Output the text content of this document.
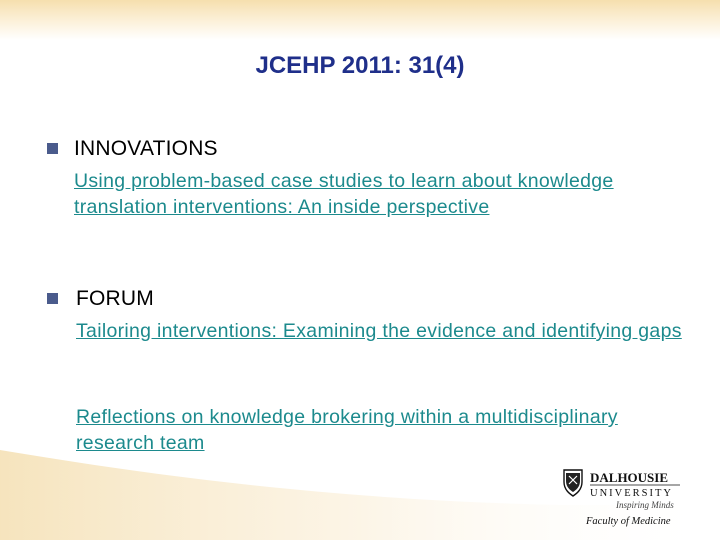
JCEHP 2011: 31(4)
INNOVATIONS
Using problem-based case studies to learn about knowledge translation interventions: An inside perspective
FORUM
Tailoring interventions: Examining the evidence and identifying gaps
Reflections on knowledge brokering within a multidisciplinary research team
DALHOUSIE
UNIVERSITY
Inspiring Minds
Faculty of Medicine
